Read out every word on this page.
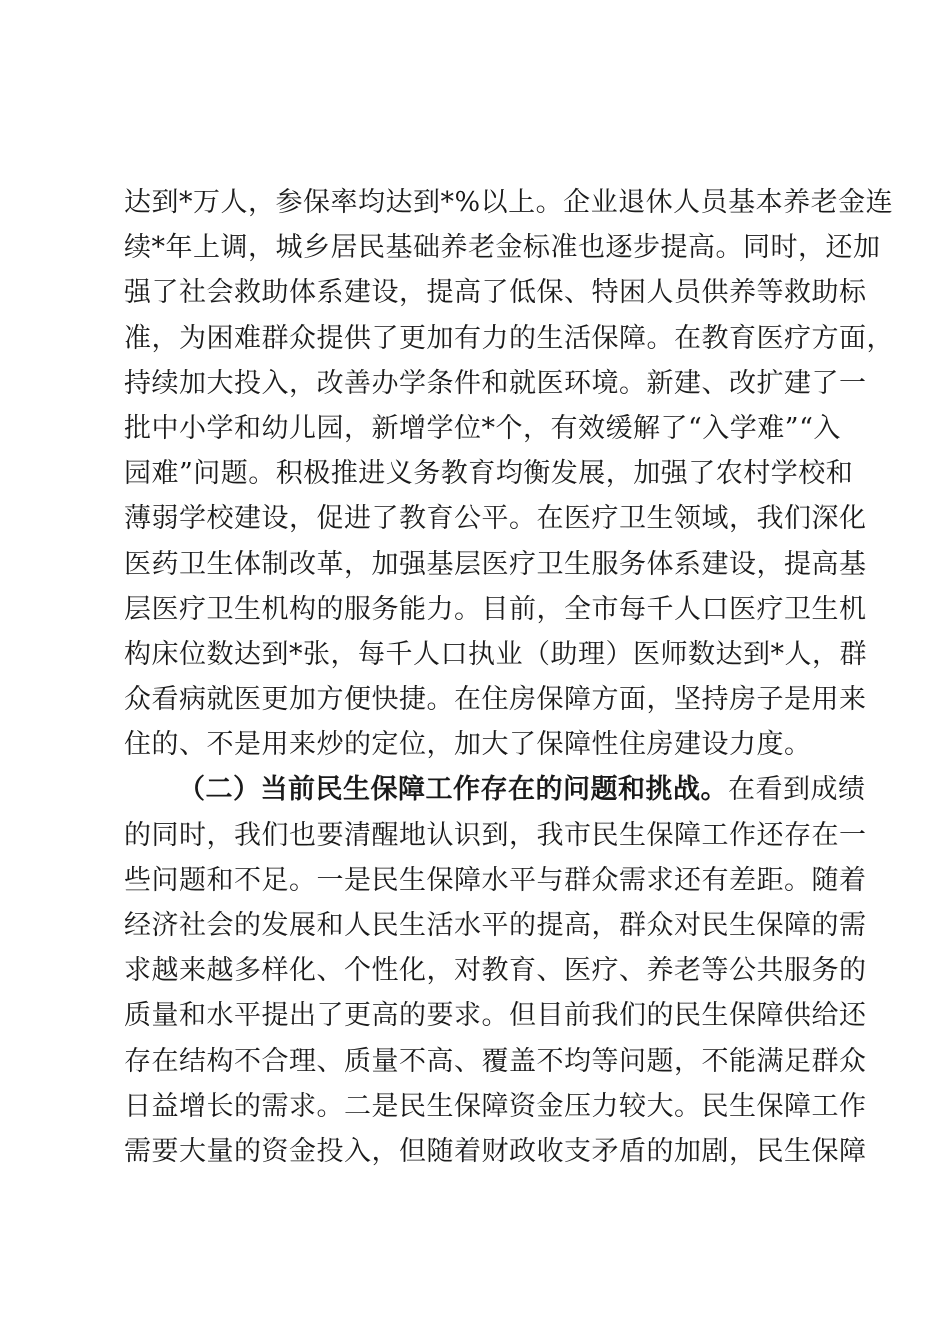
达到*万人，参保率均达到*%以上。企业退休人员基本养老金连
续*年上调，城乡居民基础养老金标准也逐步提高。同时，还加
强了社会救助体系建设，提高了低保、特困人员供养等救助标
准，为困难群众提供了更加有力的生活保障。在教育医疗方面，
持续加大投入，改善办学条件和就医环境。新建、改扩建了一
批中小学和幼儿园，新增学位*个，有效缓解了“入学难”“入
园难”问题。积极推进义务教育均衡发展，加强了农村学校和
薄弱学校建设，促进了教育公平。在医疗卫生领域，我们深化
医药卫生体制改革，加强基层医疗卫生服务体系建设，提高基
层医疗卫生机构的服务能力。目前，全市每千人口医疗卫生机
构床位数达到*张，每千人口执业（助理）医师数达到*人，群
众看病就医更加方便快捷。在住房保障方面，坚持房子是用来
住的、不是用来炒的定位，加大了保障性住房建设力度。
（二）当前民生保障工作存在的问题和挑战。在看到成绩
的同时，我们也要清醒地认识到，我市民生保障工作还存在一
些问题和不足。一是民生保障水平与群众需求还有差距。随着
经济社会的发展和人民生活水平的提高，群众对民生保障的需
求越来越多样化、个性化，对教育、医疗、养老等公共服务的
质量和水平提出了更高的要求。但目前我们的民生保障供给还
存在结构不合理、质量不高、覆盖不均等问题，不能满足群众
日益增长的需求。二是民生保障资金压力较大。民生保障工作
需要大量的资金投入，但随着财政收支矛盾的加剧，民生保障
